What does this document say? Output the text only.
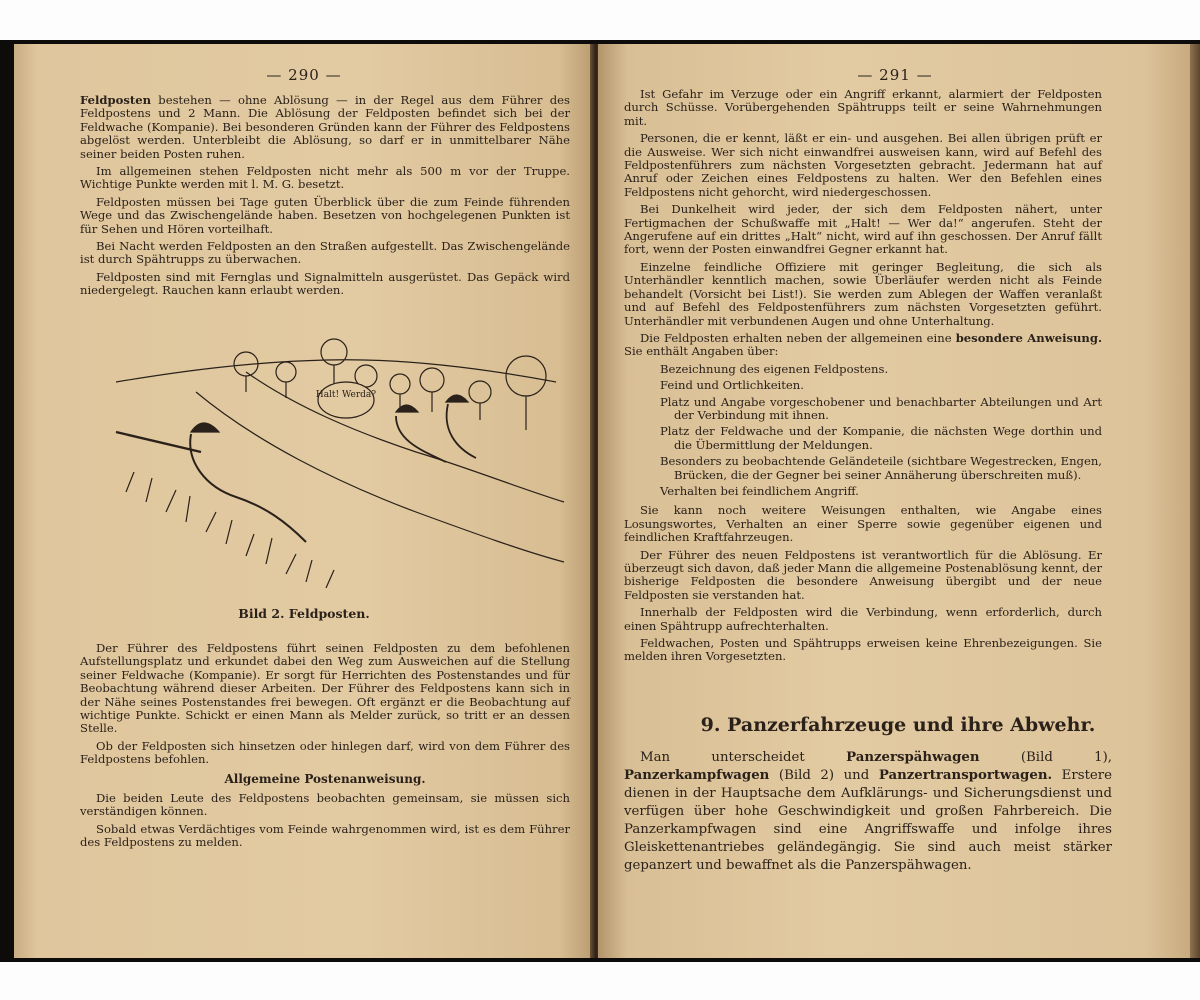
— 290 —

Feldposten bestehen — ohne Ablösung — in der Regel aus dem Führer des Feldpostens und 2 Mann. Die Ablösung der Feldposten befindet sich bei der Feldwache (Kompanie). Bei besonderen Gründen kann der Führer des Feldpostens abgelöst werden. Unterbleibt die Ablösung, so darf er in unmittelbarer Nähe seiner beiden Posten ruhen.

Im allgemeinen stehen Feldposten nicht mehr als 500 m vor der Truppe. Wichtige Punkte werden mit l. M. G. besetzt.

Feldposten müssen bei Tage guten Überblick über die zum Feinde führenden Wege und das Zwischengelände haben. Besetzen von hochgelegenen Punkten ist für Sehen und Hören vorteilhaft.

Bei Nacht werden Feldposten an den Straßen aufgestellt. Das Zwischengelände ist durch Spähtrupps zu überwachen.

Feldposten sind mit Fernglas und Signalmitteln ausgerüstet. Das Gepäck wird niedergelegt. Rauchen kann erlaubt werden.

Halt! Werda?
Bild 2. Feldposten.

Der Führer des Feldpostens führt seinen Feldposten zu dem befohlenen Aufstellungsplatz und erkundet dabei den Weg zum Ausweichen auf die Stellung seiner Feldwache (Kompanie). Er sorgt für Herrichten des Postenstandes und für Beobachtung während dieser Arbeiten. Der Führer des Feldpostens kann sich in der Nähe seines Postenstandes frei bewegen. Oft ergänzt er die Beobachtung auf wichtige Punkte. Schickt er einen Mann als Melder zurück, so tritt er an dessen Stelle.

Ob der Feldposten sich hinsetzen oder hinlegen darf, wird von dem Führer des Feldpostens befohlen.

Allgemeine Postenanweisung.

Die beiden Leute des Feldpostens beobachten gemeinsam, sie müssen sich verständigen können.

Sobald etwas Verdächtiges vom Feinde wahrgenommen wird, ist es dem Führer des Feldpostens zu melden.

— 291 —

Ist Gefahr im Verzuge oder ein Angriff erkannt, alarmiert der Feldposten durch Schüsse. Vorübergehenden Spähtrupps teilt er seine Wahrnehmungen mit.

Personen, die er kennt, läßt er ein- und ausgehen. Bei allen übrigen prüft er die Ausweise. Wer sich nicht einwandfrei ausweisen kann, wird auf Befehl des Feldpostenführers zum nächsten Vorgesetzten gebracht. Jedermann hat auf Anruf oder Zeichen eines Feldpostens zu halten. Wer den Befehlen eines Feldpostens nicht gehorcht, wird niedergeschossen.

Bei Dunkelheit wird jeder, der sich dem Feldposten nähert, unter Fertigmachen der Schußwaffe mit „Halt! — Wer da!“ angerufen. Steht der Angerufene auf ein drittes „Halt“ nicht, wird auf ihn geschossen. Der Anruf fällt fort, wenn der Posten einwandfrei Gegner erkannt hat.

Einzelne feindliche Offiziere mit geringer Begleitung, die sich als Unterhändler kenntlich machen, sowie Überläufer werden nicht als Feinde behandelt (Vorsicht bei List!). Sie werden zum Ablegen der Waffen veranlaßt und auf Befehl des Feldpostenführers zum nächsten Vorgesetzten geführt. Unterhändler mit verbundenen Augen und ohne Unterhaltung.

Die Feldposten erhalten neben der allgemeinen eine besondere Anweisung. Sie enthält Angaben über:

Bezeichnung des eigenen Feldpostens.
Feind und Ortlichkeiten.
Platz und Angabe vorgeschobener und benachbarter Abteilungen und Art der Verbindung mit ihnen.
Platz der Feldwache und der Kompanie, die nächsten Wege dorthin und die Übermittlung der Meldungen.
Besonders zu beobachtende Geländeteile (sichtbare Wegestrecken, Engen, Brücken, die der Gegner bei seiner Annäherung überschreiten muß).
Verhalten bei feindlichem Angriff.

Sie kann noch weitere Weisungen enthalten, wie Angabe eines Losungswortes, Verhalten an einer Sperre sowie gegenüber eigenen und feindlichen Kraftfahrzeugen.

Der Führer des neuen Feldpostens ist verantwortlich für die Ablösung. Er überzeugt sich davon, daß jeder Mann die allgemeine Postenablösung kennt, der bisherige Feldposten die besondere Anweisung übergibt und der neue Feldposten sie verstanden hat.

Innerhalb der Feldposten wird die Verbindung, wenn erforderlich, durch einen Spähtrupp aufrechterhalten.

Feldwachen, Posten und Spähtrupps erweisen keine Ehrenbezeigungen. Sie melden ihren Vorgesetzten.

9. Panzerfahrzeuge und ihre Abwehr.

Man unterscheidet Panzerspähwagen (Bild 1), Panzerkampfwagen (Bild 2) und Panzertransportwagen. Erstere dienen in der Hauptsache dem Aufklärungs- und Sicherungsdienst und verfügen über hohe Geschwindigkeit und großen Fahrbereich. Die Panzerkampfwagen sind eine Angriffswaffe und infolge ihres Gleiskettenantriebes geländegängig. Sie sind auch meist stärker gepanzert und bewaffnet als die Panzerspähwagen.
